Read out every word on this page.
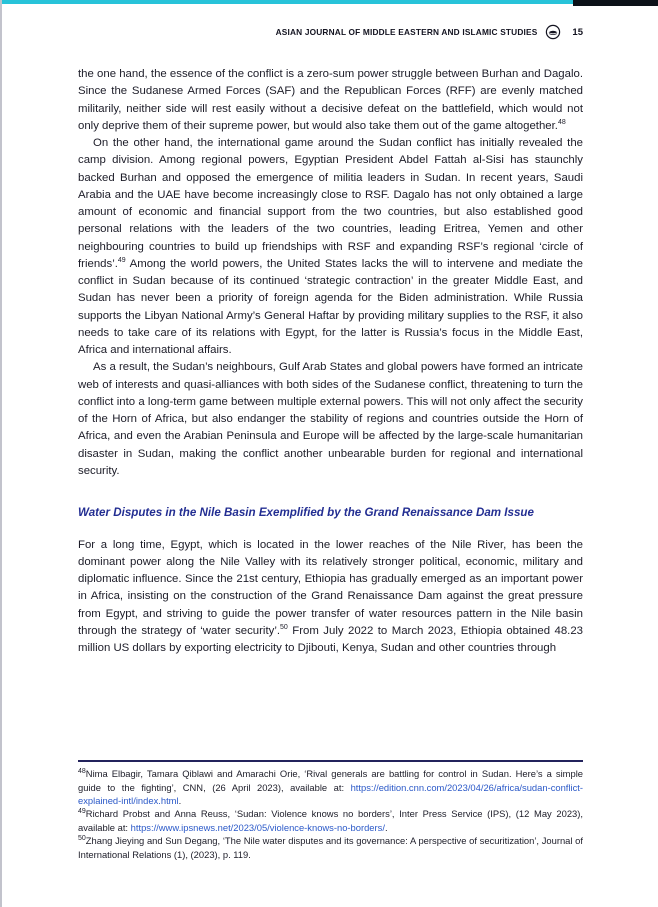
ASIAN JOURNAL OF MIDDLE EASTERN AND ISLAMIC STUDIES	15

the one hand, the essence of the conflict is a zero-sum power struggle between Burhan and Dagalo. Since the Sudanese Armed Forces (SAF) and the Republican Forces (RFF) are evenly matched militarily, neither side will rest easily without a decisive defeat on the battlefield, which would not only deprive them of their supreme power, but would also take them out of the game altogether.$^{48}$

On the other hand, the international game around the Sudan conflict has initially revealed the camp division. Among regional powers, Egyptian President Abdel Fattah al-Sisi has staunchly backed Burhan and opposed the emergence of militia leaders in Sudan. In recent years, Saudi Arabia and the UAE have become increasingly close to RSF. Dagalo has not only obtained a large amount of economic and financial support from the two countries, but also established good personal relations with the leaders of the two countries, leading Eritrea, Yemen and other neighbouring countries to build up friendships with RSF and expanding RSF’s regional ‘circle of friends’.$^{49}$ Among the world powers, the United States lacks the will to intervene and mediate the conflict in Sudan because of its continued ‘strategic contraction’ in the greater Middle East, and Sudan has never been a priority of foreign agenda for the Biden administration. While Russia supports the Libyan National Army’s General Haftar by providing military supplies to the RSF, it also needs to take care of its relations with Egypt, for the latter is Russia’s focus in the Middle East, Africa and international affairs.

As a result, the Sudan’s neighbours, Gulf Arab States and global powers have formed an intricate web of interests and quasi-alliances with both sides of the Sudanese conflict, threatening to turn the conflict into a long-term game between multiple external powers. This will not only affect the security of the Horn of Africa, but also endanger the stability of regions and countries outside the Horn of Africa, and even the Arabian Peninsula and Europe will be affected by the large-scale humanitarian disaster in Sudan, making the conflict another unbearable burden for regional and international security.

Water Disputes in the Nile Basin Exemplified by the Grand Renaissance Dam Issue

For a long time, Egypt, which is located in the lower reaches of the Nile River, has been the dominant power along the Nile Valley with its relatively stronger political, economic, military and diplomatic influence. Since the 21st century, Ethiopia has gradually emerged as an important power in Africa, insisting on the construction of the Grand Renaissance Dam against the great pressure from Egypt, and striving to guide the power transfer of water resources pattern in the Nile basin through the strategy of ‘water security’.$^{50}$ From July 2022 to March 2023, Ethiopia obtained 48.23 million US dollars by exporting electricity to Djibouti, Kenya, Sudan and other countries through

$^{48}$Nima Elbagir, Tamara Qiblawi and Amarachi Orie, ‘Rival generals are battling for control in Sudan. Here’s a simple guide to the fighting’, CNN, (26 April 2023), available at: https://edition.cnn.com/2023/04/26/africa/sudan-conflict-explained-intl/index.html.

$^{49}$Richard Probst and Anna Reuss, ‘Sudan: Violence knows no borders’, Inter Press Service (IPS), (12 May 2023), available at: https://www.ipsnews.net/2023/05/violence-knows-no-borders/.

$^{50}$Zhang Jieying and Sun Degang, ‘The Nile water disputes and its governance: A perspective of securitization’, Journal of International Relations (1), (2023), p. 119.
